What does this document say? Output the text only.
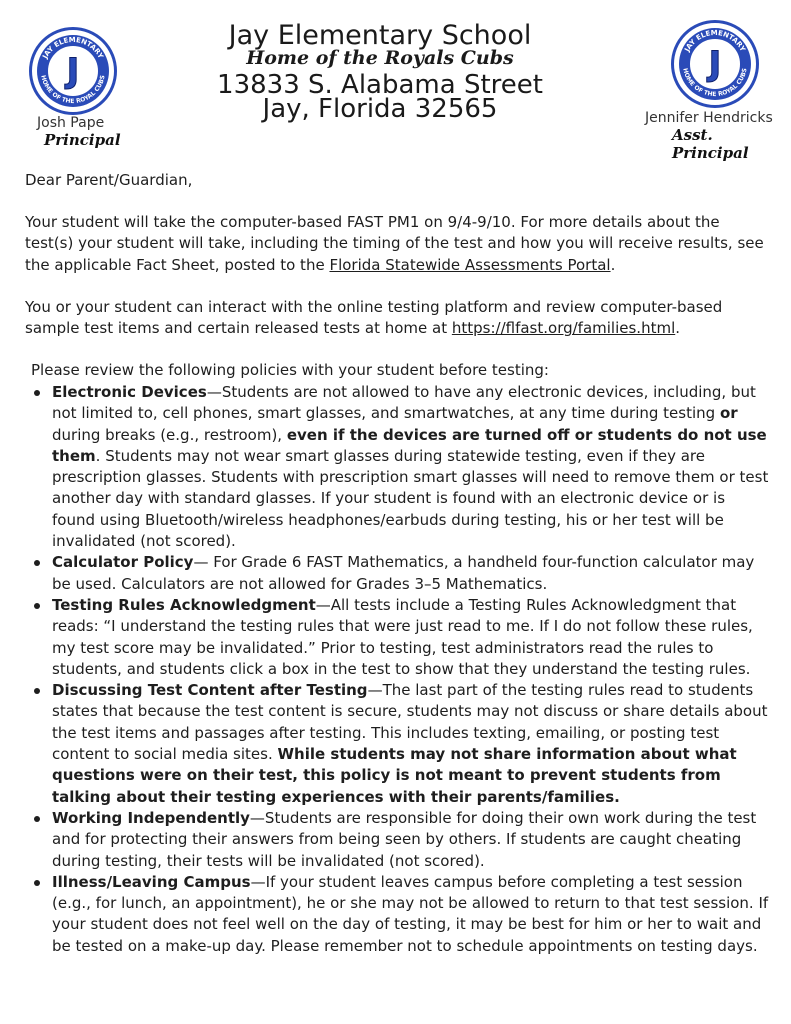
J
JAY ELEMENTARY
HOME OF THE ROYAL CUBS	J
JAY ELEMENTARY
HOME OF THE ROYAL CUBS
Jay Elementary School
Home of the Royals Cubs
13833 S. Alabama Street
Jay, Florida 32565
Josh Pape
Principal
Jennifer Hendricks
Asst. Principal
Dear Parent/Guardian,
Your student will take the computer-based FAST PM1 on 9/4-9/10. For more details about the test(s) your student will take, including the timing of the test and how you will receive results, see the applicable Fact Sheet, posted to the Florida Statewide Assessments Portal.
You or your student can interact with the online testing platform and review computer-based sample test items and certain released tests at home at https://flfast.org/families.html.
Please review the following policies with your student before testing:
Electronic Devices—Students are not allowed to have any electronic devices, including, but not limited to, cell phones, smart glasses, and smartwatches, at any time during testing or during breaks (e.g., restroom), even if the devices are turned off or students do not use them. Students may not wear smart glasses during statewide testing, even if they are prescription glasses. Students with prescription smart glasses will need to remove them or test another day with standard glasses. If your student is found with an electronic device or is found using Bluetooth/wireless headphones/earbuds during testing, his or her test will be invalidated (not scored).
Calculator Policy— For Grade 6 FAST Mathematics, a handheld four-function calculator may be used. Calculators are not allowed for Grades 3–5 Mathematics.
Testing Rules Acknowledgment—All tests include a Testing Rules Acknowledgment that reads: “I understand the testing rules that were just read to me. If I do not follow these rules, my test score may be invalidated.” Prior to testing, test administrators read the rules to students, and students click a box in the test to show that they understand the testing rules.
Discussing Test Content after Testing—The last part of the testing rules read to students states that because the test content is secure, students may not discuss or share details about the test items and passages after testing. This includes texting, emailing, or posting test content to social media sites. While students may not share information about what questions were on their test, this policy is not meant to prevent students from talking about their testing experiences with their parents/families.
Working Independently—Students are responsible for doing their own work during the test and for protecting their answers from being seen by others. If students are caught cheating during testing, their tests will be invalidated (not scored).
Illness/Leaving Campus—If your student leaves campus before completing a test session (e.g., for lunch, an appointment), he or she may not be allowed to return to that test session. If your student does not feel well on the day of testing, it may be best for him or her to wait and be tested on a make-up day. Please remember not to schedule appointments on testing days.
